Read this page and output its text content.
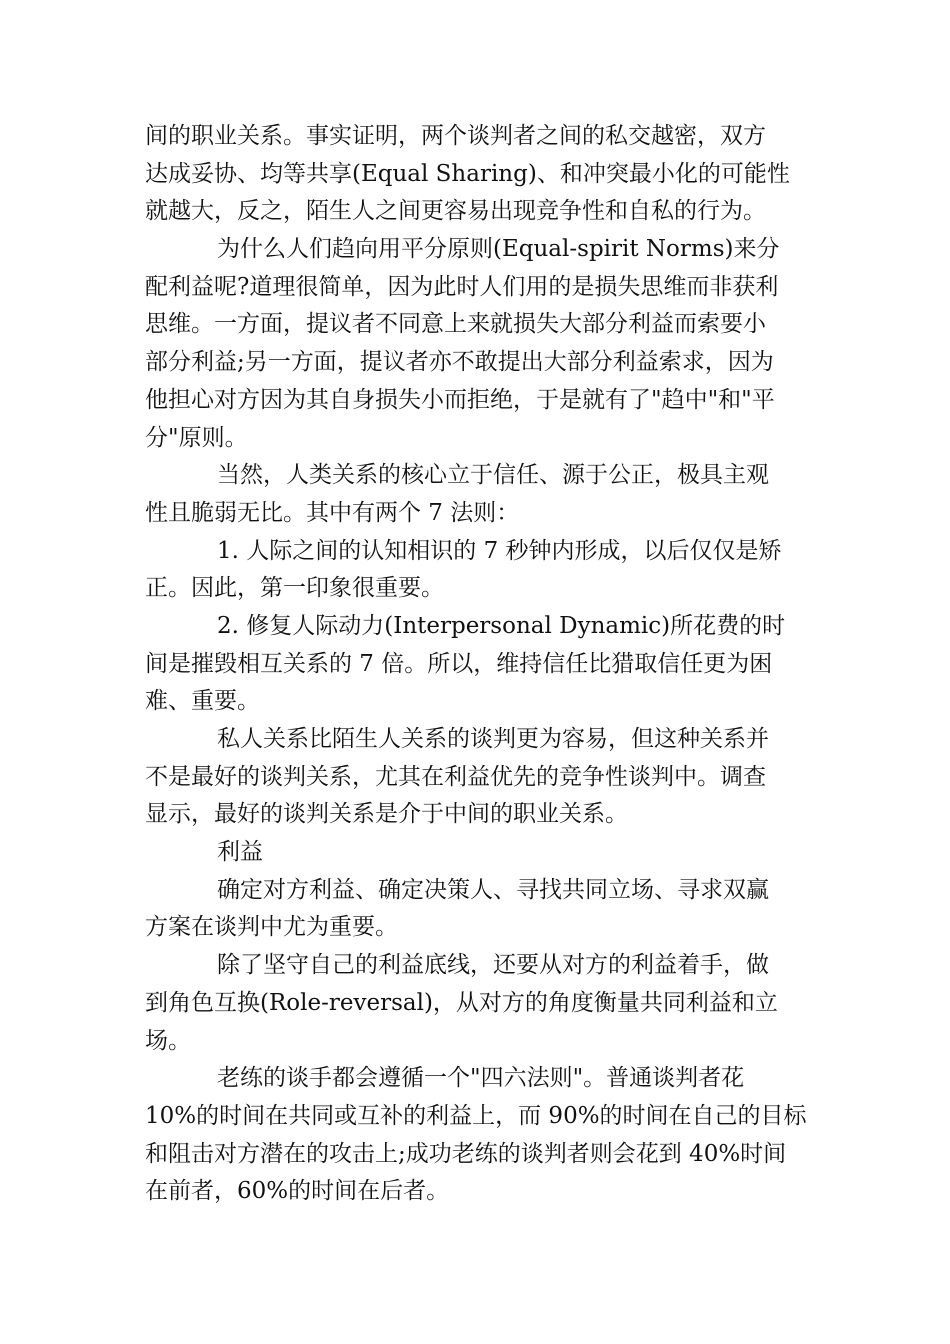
间的职业关系。事实证明，两个谈判者之间的私交越密，双方
达成妥协、均等共享(Equal Sharing)、和冲突最小化的可能性
就越大，反之，陌生人之间更容易出现竞争性和自私的行为。
为什么人们趋向用平分原则(Equal-spirit Norms)来分
配利益呢?道理很简单，因为此时人们用的是损失思维而非获利
思维。一方面，提议者不同意上来就损失大部分利益而索要小
部分利益;另一方面，提议者亦不敢提出大部分利益索求，因为
他担心对方因为其自身损失小而拒绝，于是就有了"趋中"和"平
分"原则。
当然，人类关系的核心立于信任、源于公正，极具主观
性且脆弱无比。其中有两个 7 法则：
1. 人际之间的认知相识的 7 秒钟内形成，以后仅仅是矫
正。因此，第一印象很重要。
2. 修复人际动力(Interpersonal Dynamic)所花费的时
间是摧毁相互关系的 7 倍。所以，维持信任比猎取信任更为困
难、重要。
私人关系比陌生人关系的谈判更为容易，但这种关系并
不是最好的谈判关系，尤其在利益优先的竞争性谈判中。调查
显示，最好的谈判关系是介于中间的职业关系。
利益
确定对方利益、确定决策人、寻找共同立场、寻求双赢
方案在谈判中尤为重要。
除了坚守自己的利益底线，还要从对方的利益着手，做
到角色互换(Role-reversal)，从对方的角度衡量共同利益和立
场。
老练的谈手都会遵循一个"四六法则"。普通谈判者花
10%的时间在共同或互补的利益上，而 90%的时间在自己的目标
和阻击对方潜在的攻击上;成功老练的谈判者则会花到 40%时间
在前者，60%的时间在后者。
